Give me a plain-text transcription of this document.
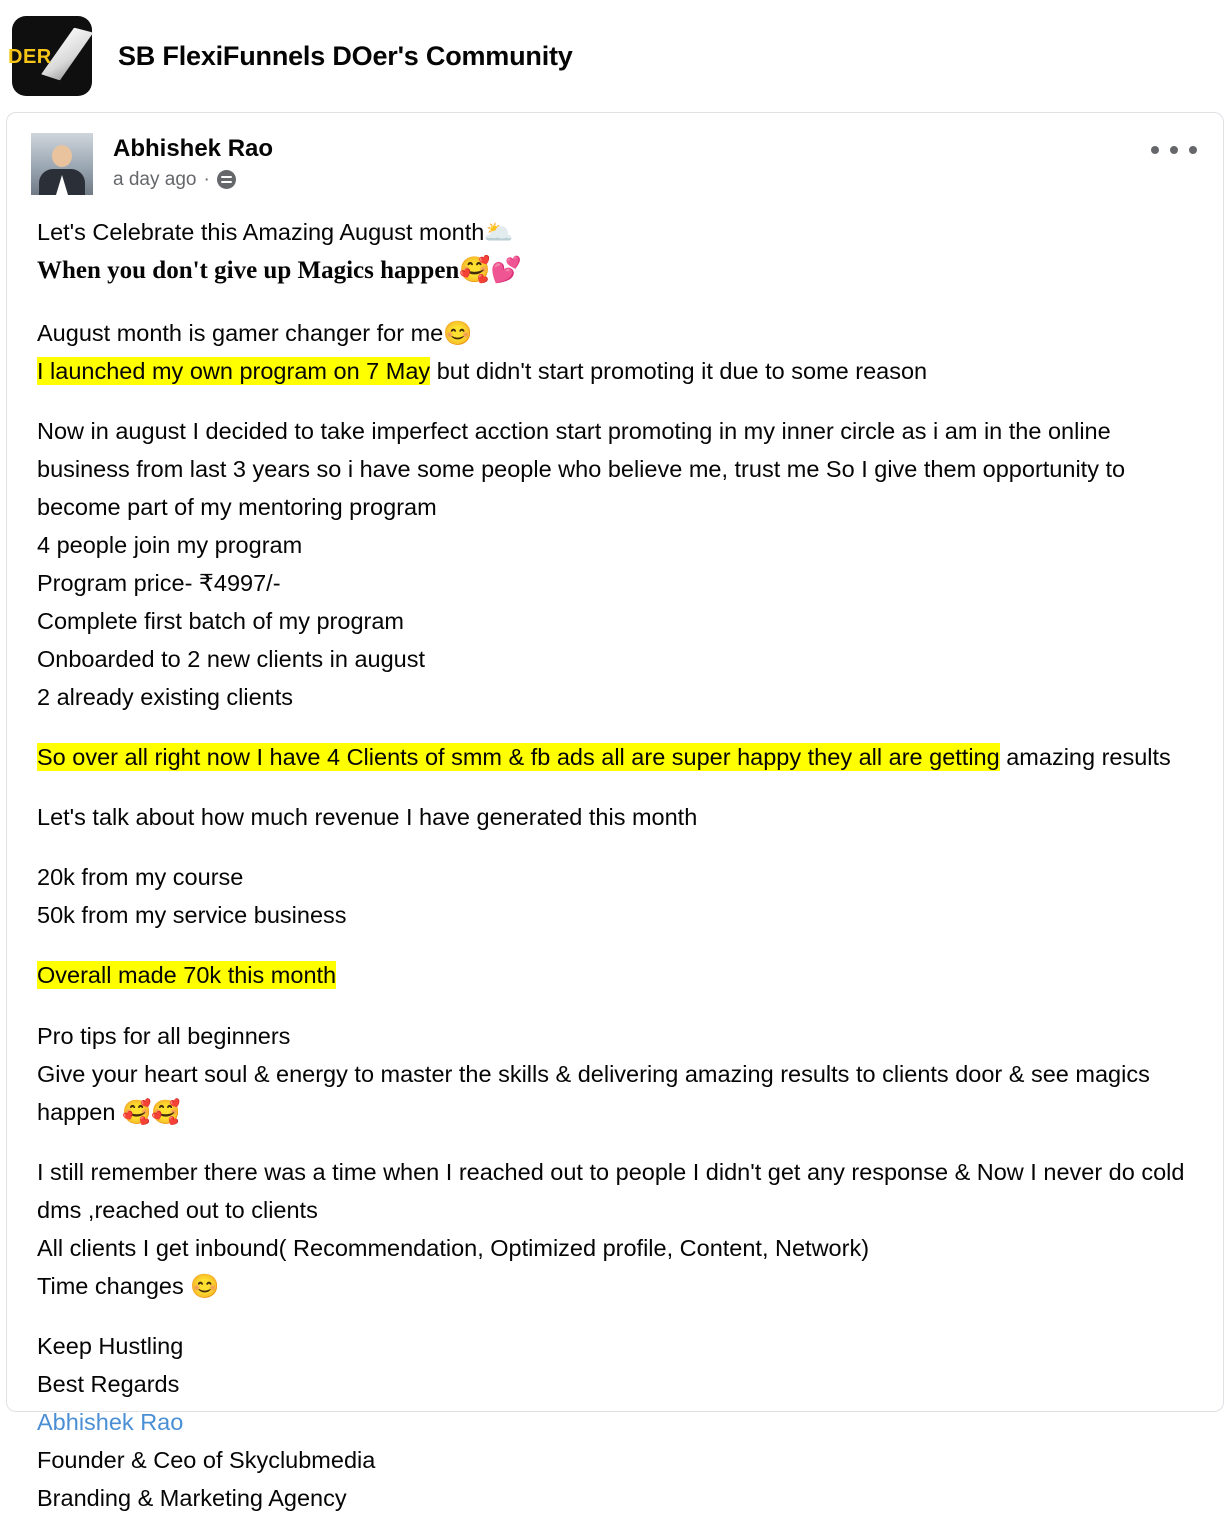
DER SB FlexiFunnels DOer's Community
Abhishek Rao
a day ago ·
Let's Celebrate this Amazing August month🌥️
When you don't give up Magics happen🥰💕
August month is gamer changer for me😊
I launched my own program on 7 May but didn't start promoting it due to some reason
Now in august I decided to take imperfect acction start promoting in my inner circle as i am in the online business from last 3 years so i have some people who believe me, trust me So I give them opportunity to become part of my mentoring program
4 people join my program
Program price- ₹4997/-
Complete first batch of my program
Onboarded to 2 new clients in august
2 already existing clients
So over all right now I have 4 Clients of smm & fb ads all are super happy they all are getting amazing results
Let's talk about how much revenue I have generated this month
20k from my course
50k from my service business
Overall made 70k this month
Pro tips for all beginners
Give your heart soul & energy to master the skills & delivering amazing results to clients door & see magics happen 🥰🥰
I still remember there was a time when I reached out to people I didn't get any response & Now I never do cold dms ,reached out to clients
All clients I get inbound( Recommendation, Optimized profile, Content, Network)
Time changes 😊
Keep Hustling
Best Regards
Abhishek Rao
Founder & Ceo of Skyclubmedia
Branding & Marketing Agency
